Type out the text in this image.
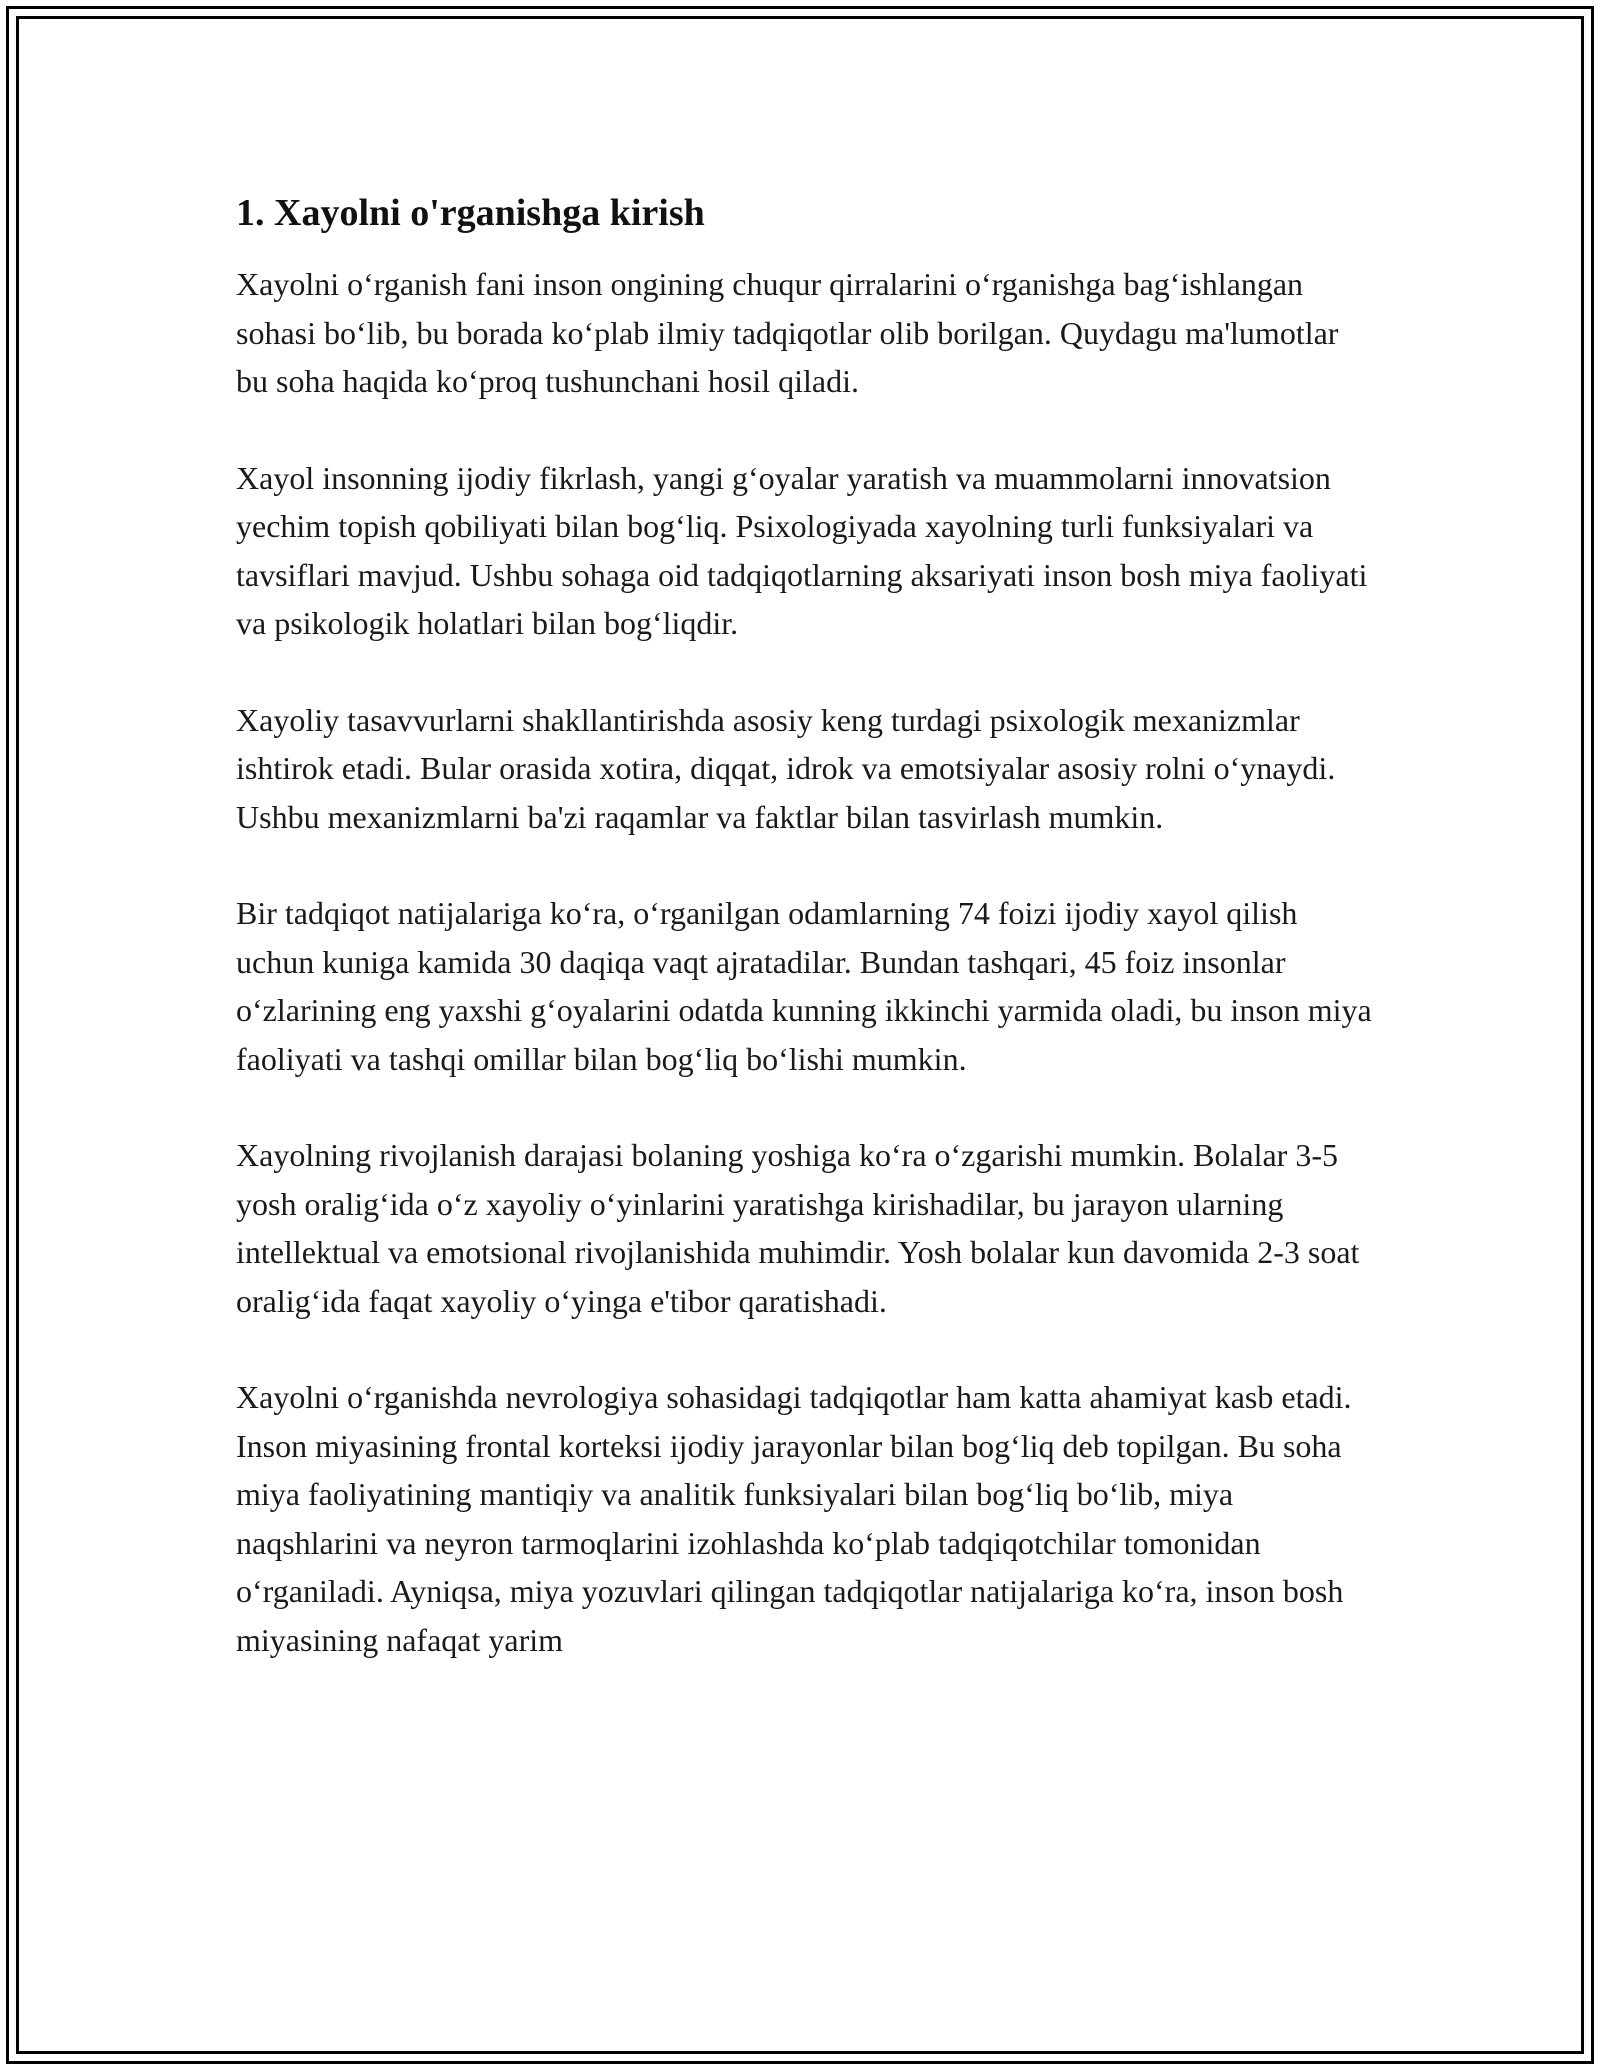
1. Xayolni o'rganishga kirish

Xayolni o‘rganish fani inson ongining chuqur qirralarini o‘rganishga bag‘ishlangan sohasi bo‘lib, bu borada ko‘plab ilmiy tadqiqotlar olib borilgan. Quydagu ma'lumotlar bu soha haqida ko‘proq tushunchani hosil qiladi.

Xayol insonning ijodiy fikrlash, yangi g‘oyalar yaratish va muammolarni innovatsion yechim topish qobiliyati bilan bog‘liq. Psixologiyada xayolning turli funksiyalari va tavsiflari mavjud. Ushbu sohaga oid tadqiqotlarning aksariyati inson bosh miya faoliyati va psikologik holatlari bilan bog‘liqdir.

Xayoliy tasavvurlarni shakllantirishda asosiy keng turdagi psixologik mexanizmlar ishtirok etadi. Bular orasida xotira, diqqat, idrok va emotsiyalar asosiy rolni o‘ynaydi. Ushbu mexanizmlarni ba'zi raqamlar va faktlar bilan tasvirlash mumkin.

Bir tadqiqot natijalariga ko‘ra, o‘rganilgan odamlarning 74 foizi ijodiy xayol qilish uchun kuniga kamida 30 daqiqa vaqt ajratadilar. Bundan tashqari, 45 foiz insonlar o‘zlarining eng yaxshi g‘oyalarini odatda kunning ikkinchi yarmida oladi, bu inson miya faoliyati va tashqi omillar bilan bog‘liq bo‘lishi mumkin.

Xayolning rivojlanish darajasi bolaning yoshiga ko‘ra o‘zgarishi mumkin. Bolalar 3-5 yosh oralig‘ida o‘z xayoliy o‘yinlarini yaratishga kirishadilar, bu jarayon ularning intellektual va emotsional rivojlanishida muhimdir. Yosh bolalar kun davomida 2-3 soat oralig‘ida faqat xayoliy o‘yinga e'tibor qaratishadi.

Xayolni o‘rganishda nevrologiya sohasidagi tadqiqotlar ham katta ahamiyat kasb etadi. Inson miyasining frontal korteksi ijodiy jarayonlar bilan bog‘liq deb topilgan. Bu soha miya faoliyatining mantiqiy va analitik funksiyalari bilan bog‘liq bo‘lib, miya naqshlarini va neyron tarmoqlarini izohlashda ko‘plab tadqiqotchilar tomonidan o‘rganiladi. Ayniqsa, miya yozuvlari qilingan tadqiqotlar natijalariga ko‘ra, inson bosh miyasining nafaqat yarim
